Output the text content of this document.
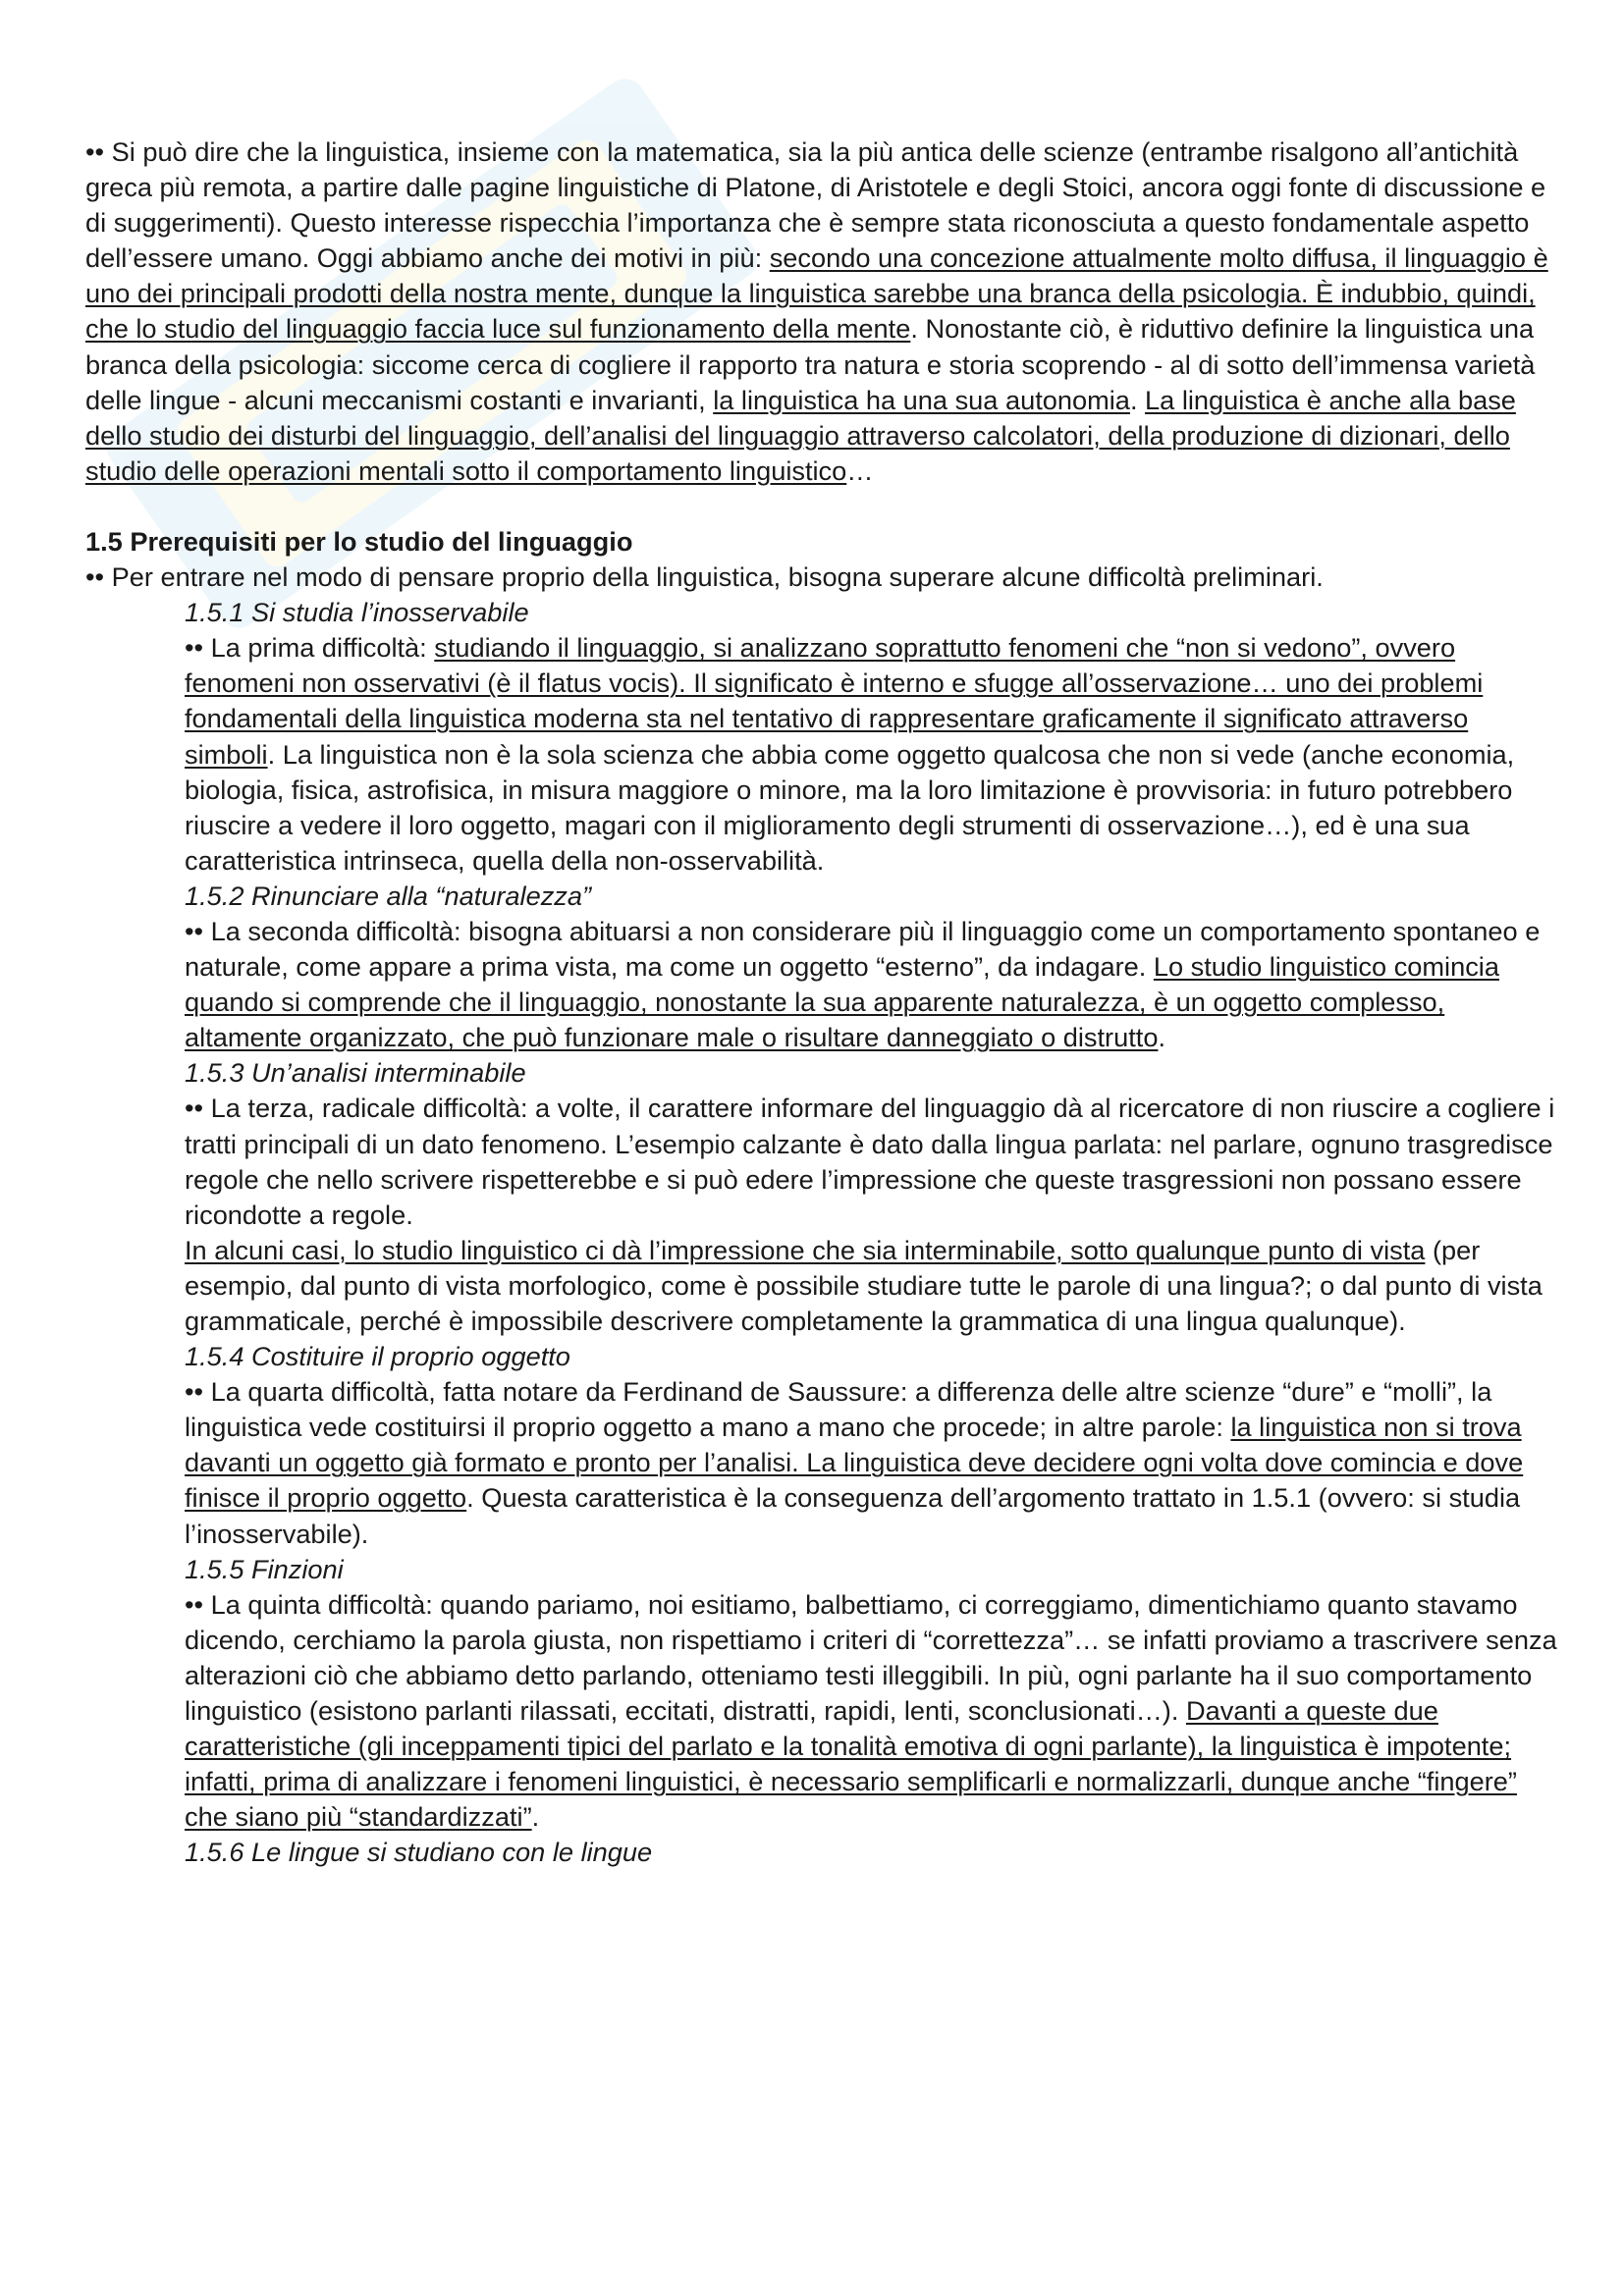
•• Si può dire che la linguistica, insieme con la matematica, sia la più antica delle scienze (entrambe risalgono all’antichità greca più remota, a partire dalle pagine linguistiche di Platone, di Aristotele e degli Stoici, ancora oggi fonte di discussione e di suggerimenti). Questo interesse rispecchia l’importanza che è sempre stata riconosciuta a questo fondamentale aspetto dell’essere umano. Oggi abbiamo anche dei motivi in più: secondo una concezione attualmente molto diffusa, il linguaggio è uno dei principali prodotti della nostra mente, dunque la linguistica sarebbe una branca della psicologia. È indubbio, quindi, che lo studio del linguaggio faccia luce sul funzionamento della mente. Nonostante ciò, è riduttivo definire la linguistica una branca della psicologia: siccome cerca di cogliere il rapporto tra natura e storia scoprendo - al di sotto dell’immensa varietà delle lingue - alcuni meccanismi costanti e invarianti, la linguistica ha una sua autonomia. La linguistica è anche alla base dello studio dei disturbi del linguaggio, dell’analisi del linguaggio attraverso calcolatori, della produzione di dizionari, dello studio delle operazioni mentali sotto il comportamento linguistico…

1.5 Prerequisiti per lo studio del linguaggio

•• Per entrare nel modo di pensare proprio della linguistica, bisogna superare alcune difficoltà preliminari.

1.5.1 Si studia l’inosservabile

•• La prima difficoltà: studiando il linguaggio, si analizzano soprattutto fenomeni che “non si vedono”, ovvero fenomeni non osservativi (è il flatus vocis). Il significato è interno e sfugge all’osservazione… uno dei problemi fondamentali della linguistica moderna sta nel tentativo di rappresentare graficamente il significato attraverso simboli. La linguistica non è la sola scienza che abbia come oggetto qualcosa che non si vede (anche economia, biologia, fisica, astrofisica, in misura maggiore o minore, ma la loro limitazione è provvisoria: in futuro potrebbero riuscire a vedere il loro oggetto, magari con il miglioramento degli strumenti di osservazione…), ed è una sua caratteristica intrinseca, quella della non-osservabilità.

1.5.2 Rinunciare alla “naturalezza”

•• La seconda difficoltà: bisogna abituarsi a non considerare più il linguaggio come un comportamento spontaneo e naturale, come appare a prima vista, ma come un oggetto “esterno”, da indagare. Lo studio linguistico comincia quando si comprende che il linguaggio, nonostante la sua apparente naturalezza, è un oggetto complesso, altamente organizzato, che può funzionare male o risultare danneggiato o distrutto.

1.5.3 Un’analisi interminabile

•• La terza, radicale difficoltà: a volte, il carattere informare del linguaggio dà al ricercatore di non riuscire a cogliere i tratti principali di un dato fenomeno. L’esempio calzante è dato dalla lingua parlata: nel parlare, ognuno trasgredisce regole che nello scrivere rispetterebbe e si può edere l’impressione che queste trasgressioni non possano essere ricondotte a regole.

In alcuni casi, lo studio linguistico ci dà l’impressione che sia interminabile, sotto qualunque punto di vista (per esempio, dal punto di vista morfologico, come è possibile studiare tutte le parole di una lingua?; o dal punto di vista grammaticale, perché è impossibile descrivere completamente la grammatica di una lingua qualunque).

1.5.4 Costituire il proprio oggetto

•• La quarta difficoltà, fatta notare da Ferdinand de Saussure: a differenza delle altre scienze “dure” e “molli”, la linguistica vede costituirsi il proprio oggetto a mano a mano che procede; in altre parole: la linguistica non si trova davanti un oggetto già formato e pronto per l’analisi. La linguistica deve decidere ogni volta dove comincia e dove finisce il proprio oggetto. Questa caratteristica è la conseguenza dell’argomento trattato in 1.5.1 (ovvero: si studia l’inosservabile).

1.5.5 Finzioni

•• La quinta difficoltà: quando pariamo, noi esitiamo, balbettiamo, ci correggiamo, dimentichiamo quanto stavamo dicendo, cerchiamo la parola giusta, non rispettiamo i criteri di “correttezza”… se infatti proviamo a trascrivere senza alterazioni ciò che abbiamo detto parlando, otteniamo testi illeggibili. In più, ogni parlante ha il suo comportamento linguistico (esistono parlanti rilassati, eccitati, distratti, rapidi, lenti, sconclusionati…). Davanti a queste due caratteristiche (gli inceppamenti tipici del parlato e la tonalità emotiva di ogni parlante), la linguistica è impotente; infatti, prima di analizzare i fenomeni linguistici, è necessario semplificarli e normalizzarli, dunque anche “fingere” che siano più “standardizzati”.

1.5.6 Le lingue si studiano con le lingue
